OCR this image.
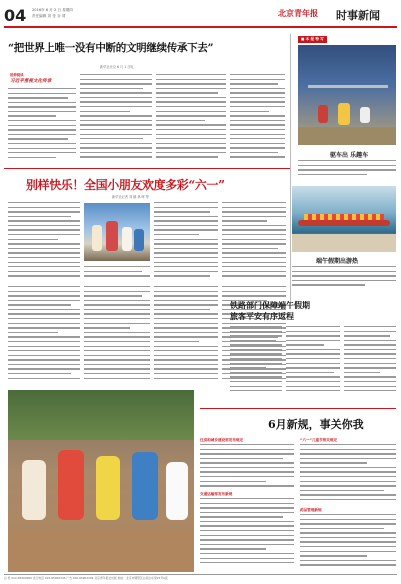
04 2016年 6 月 2 日 星期四
责任编辑 刘 莹 谷 靖	北京青年报 时事新闻
“把世界上唯一没有中断的文明继续传承下去”
新华社北京 6 月 1 日电
延伸阅读
习近平重视文化传承
■ 本 报 特 写
驱车出 乐趣车
别样快乐！全国小朋友欢度多彩“六一”
新华社记者 刘 娜 林 晖 等
端午假期出游热
铁路部门保障端午假期
旅客平安有序返程
6月新规，事关你我
住房和城乡建设部发布规定
交通运输部发布新规
“六一”儿童节相关规定
药品管理新规
总 机 010-65902000 发行电话 010-65902345 广告 010-65902299 北京青年报社出版 地址：北京市朝阳区白家庄东里23号A座
